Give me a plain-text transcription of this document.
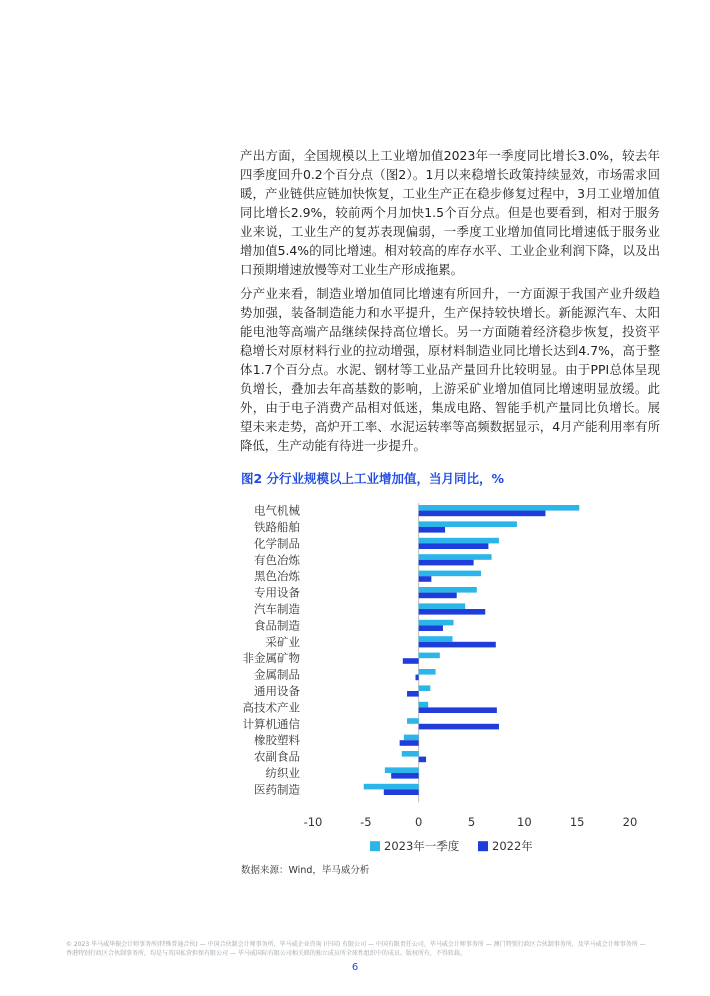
产出方面，全国规模以上工业增加值2023年一季度同比增长3.0%，较去年四季度回升0.2个百分点（图2）。1月以来稳增长政策持续显效，市场需求回暖，产业链供应链加快恢复，工业生产正在稳步修复过程中，3月工业增加值同比增长2.9%，较前两个月加快1.5个百分点。但是也要看到，相对于服务业来说，工业生产的复苏表现偏弱，一季度工业增加值同比增速低于服务业增加值5.4%的同比增速。相对较高的库存水平、工业企业利润下降，以及出口预期增速放慢等对工业生产形成拖累。

分产业来看，制造业增加值同比增速有所回升，一方面源于我国产业升级趋势加强，装备制造能力和水平提升，生产保持较快增长。新能源汽车、太阳能电池等高端产品继续保持高位增长。另一方面随着经济稳步恢复，投资平稳增长对原材料行业的拉动增强，原材料制造业同比增长达到4.7%，高于整体1.7个百分点。水泥、钢材等工业品产量回升比较明显。由于PPI总体呈现负增长，叠加去年高基数的影响，上游采矿业增加值同比增速明显放缓。此外，由于电子消费产品相对低迷，集成电路、智能手机产量同比负增长。展望未来走势，高炉开工率、水泥运转率等高频数据显示，4月产能利用率有所降低，生产动能有待进一步提升。

图2 分行业规模以上工业增加值，当月同比，%

电气机械
铁路船舶
化学制品
有色冶炼
黑色冶炼
专用设备
汽车制造
食品制造
采矿业
非金属矿物
金属制品
通用设备
高技术产业
计算机通信
橡胶塑料
农副食品
纺织业
医药制造
-10	-5	0	5	10	15	20
2023年一季度	2022年

数据来源：Wind，毕马威分析

© 2023 毕马威华振会计师事务所(特殊普通合伙) — 中国合伙制会计师事务所，毕马威企业咨询 (中国) 有限公司 — 中国有限责任公司，毕马威会计师事务所 — 澳门特别行政区合伙制事务所，及毕马威会计师事务所 — 香港特别行政区合伙制事务所，均是与英国私营担保有限公司 — 毕马威国际有限公司相关联的独立成员所全球性组织中的成员。版权所有，不得转载。

6
